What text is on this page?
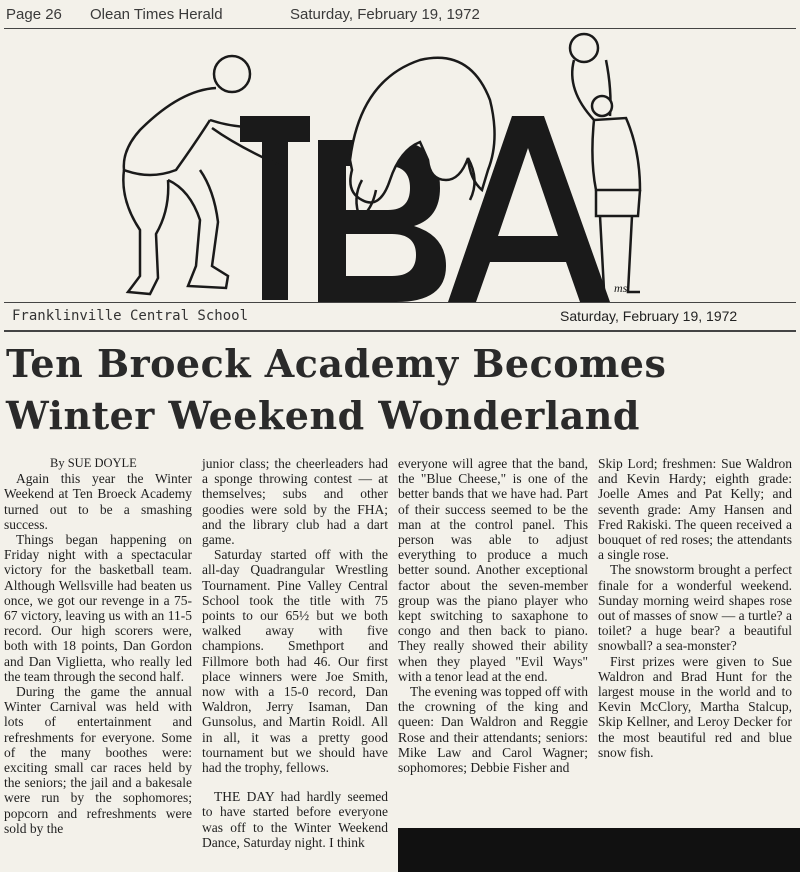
Page 26 Olean Times Herald	Saturday, February 19, 1972
ms
Franklinville Central School	Saturday, February 19, 1972
Ten Broeck Academy Becomes
Winter Weekend Wonderland

By SUE DOYLE

Again this year the Winter Weekend at Ten Broeck Academy turned out to be a smashing success.

Things began happening on Friday night with a spectacular victory for the basketball team. Although Wellsville had beaten us once, we got our revenge in a 75-67 victory, leaving us with an 11-5 record. Our high scorers were, both with 18 points, Dan Gordon and Dan Viglietta, who really led the team through the second half.

During the game the annual Winter Carnival was held with lots of entertainment and refreshments for everyone. Some of the many boothes were: exciting small car races held by the seniors; the jail and a bakesale were run by the sophomores; popcorn and refreshments were sold by the

junior class; the cheerleaders had a sponge throwing contest — at themselves; subs and other goodies were sold by the FHA; and the library club had a dart game.

Saturday started off with the all-day Quadrangular Wrestling Tournament. Pine Valley Central School took the title with 75 points to our 65½ but we both walked away with five champions. Smethport and Fillmore both had 46. Our first place winners were Joe Smith, now with a 15-0 record, Dan Waldron, Jerry Isaman, Dan Gunsolus, and Martin Roidl. All in all, it was a pretty good tournament but we should have had the trophy, fellows.

THE DAY had hardly seemed to have started before everyone was off to the Winter Weekend Dance, Saturday night. I think

everyone will agree that the band, the "Blue Cheese," is one of the better bands that we have had. Part of their success seemed to be the man at the control panel. This person was able to adjust everything to produce a much better sound. Another exceptional factor about the seven-member group was the piano player who kept switching to saxaphone to congo and then back to piano. They really showed their ability when they played "Evil Ways" with a tenor lead at the end.

The evening was topped off with the crowning of the king and queen: Dan Waldron and Reggie Rose and their attendants; seniors: Mike Law and Carol Wagner; sophomores; Debbie Fisher and

Skip Lord; freshmen: Sue Waldron and Kevin Hardy; eighth grade: Joelle Ames and Pat Kelly; and seventh grade: Amy Hansen and Fred Rakiski. The queen received a bouquet of red roses; the attendants a single rose.

The snowstorm brought a perfect finale for a wonderful weekend. Sunday morning weird shapes rose out of masses of snow — a turtle? a toilet? a huge bear? a beautiful snowball? a sea-monster?

First prizes were given to Sue Waldron and Brad Hunt for the largest mouse in the world and to Kevin McClory, Martha Stalcup, Skip Kellner, and Leroy Decker for the most beautiful red and blue snow fish.
